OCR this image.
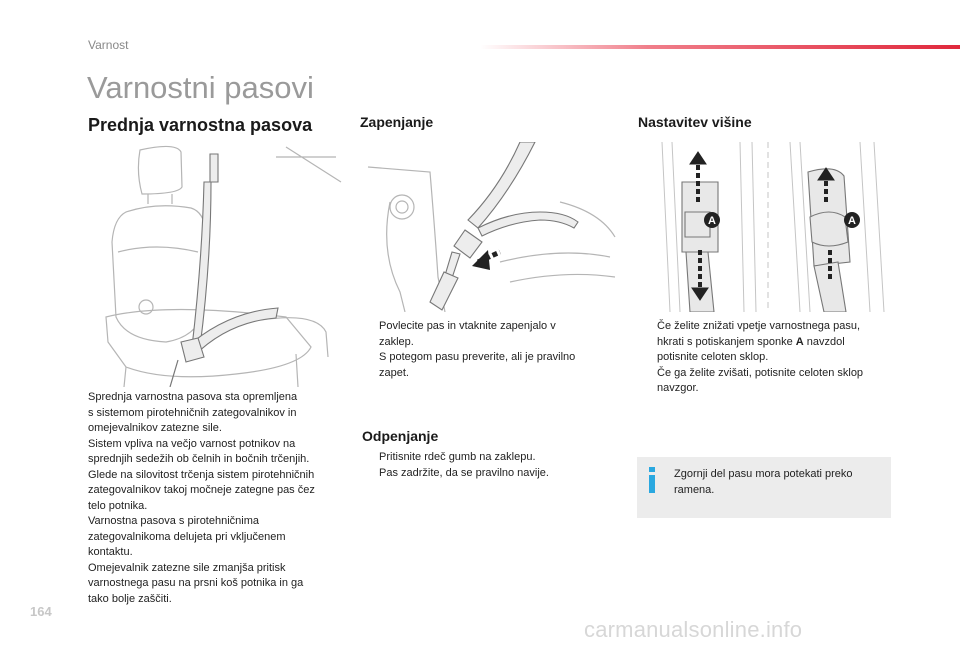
Varnost
Varnostni pasovi
Prednja varnostna pasova	Zapenjanje	Nastavitev višine
A	A
Sprednja varnostna pasova sta opremljena
s sistemom pirotehničnih zategovalnikov in
omejevalnikov zatezne sile.
Sistem vpliva na večjo varnost potnikov na
sprednjih sedežih ob čelnih in bočnih trčenjih.
Glede na silovitost trčenja sistem pirotehničnih
zategovalnikov takoj močneje zategne pas čez
telo potnika.
Varnostna pasova s pirotehničnima
zategovalnikoma delujeta pri vključenem
kontaktu.
Omejevalnik zatezne sile zmanjša pritisk
varnostnega pasu na prsni koš potnika in ga
tako bolje zaščiti.
Povlecite pas in vtaknite zapenjalo v
zaklep.
S potegom pasu preverite, ali je pravilno
zapet.
Odpenjanje
Pritisnite rdeč gumb na zaklepu.
Pas zadržite, da se pravilno navije.
Če želite znižati vpetje varnostnega pasu,
hkrati s potiskanjem sponke A navzdol
potisnite celoten sklop.
Če ga želite zvišati, potisnite celoten sklop
navzgor.
Zgornji del pasu mora potekati preko
ramena.
164
carmanualsonline.info
